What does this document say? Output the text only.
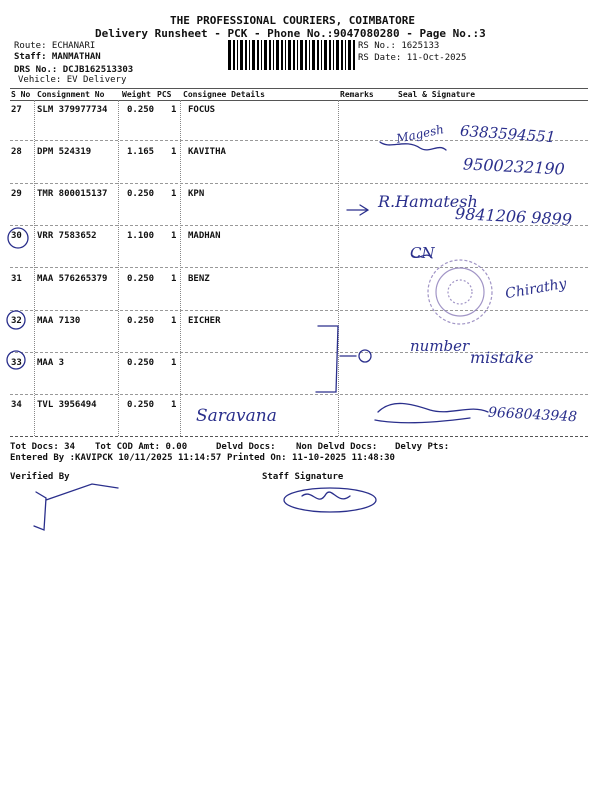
THE PROFESSIONAL COURIERS, COIMBATORE
Delivery Runsheet - PCK - Phone No.:9047080280 - Page No.:3
Route: ECHANARI
Staff: MANMATHAN
DRS No.: DCJB162513303
Vehicle: EV Delivery
RS No.: 1625133
RS Date: 11-Oct-2025
S No Consignment No Weight PCS Consignee Details	Remarks	Seal & Signature
27 SLM 379977734 0.250 1 FOCUS
28 DPM 524319	1.165 1 KAVITHA
29 TMR 800015137 0.250 1 KPN
30 VRR 7583652	1.100 1 MADHAN
31 MAA 576265379 0.250 1 BENZ
32 MAA 7130	0.250 1 EICHER
33 MAA 3	0.250 1
34 TVL 3956494	0.250 1
Tot Docs: 34 Tot COD Amt: 0.00	Delvd Docs: Non Delvd Docs: Delvy Pts:
Entered By :KAVIPCK 10/11/2025 11:14:57 Printed On: 11-10-2025 11:48:30
Verified By	Staff Signature
Magesh 6383594551
9500232190
R.Hamatesh
9841206 9899
CN
Chirathy
number
mistake
Saravana	9668043948
